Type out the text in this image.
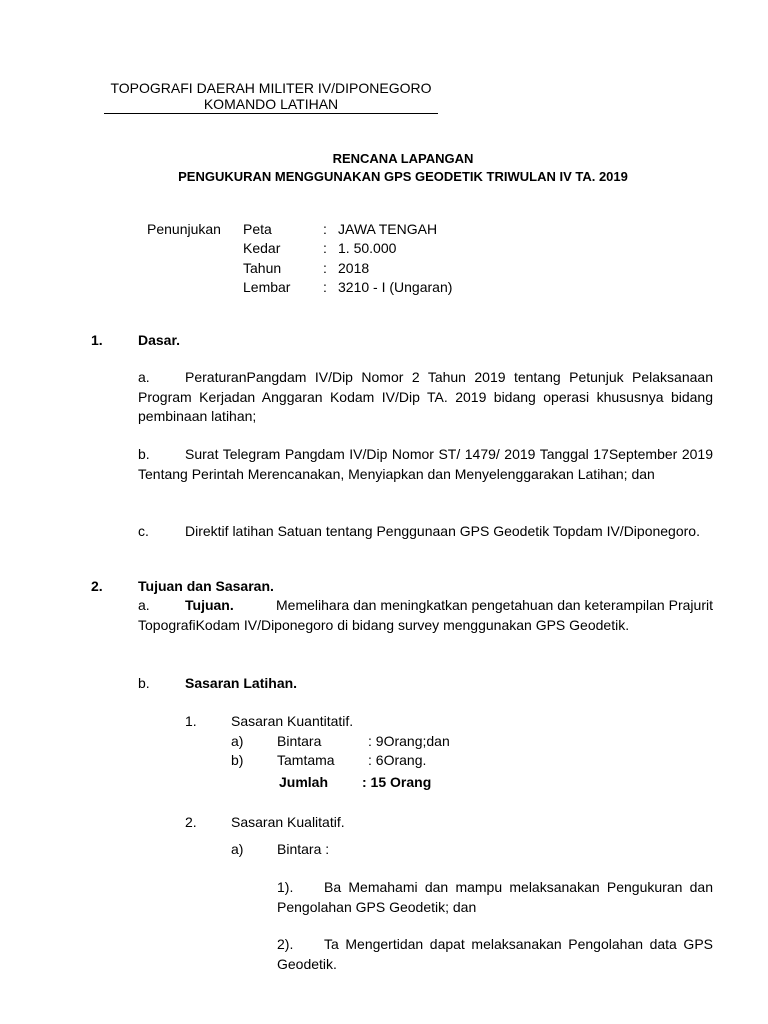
TOPOGRAFI DAERAH MILITER IV/DIPONEGORO
KOMANDO LATIHAN
RENCANA LAPANGAN
PENGUKURAN MENGGUNAKAN GPS GEODETIK TRIWULAN IV TA. 2019
Penunjukan Peta	: JAWA TENGAH
Kedar	: 1. 50.000
Tahun	: 2018
Lembar : 3210 - I (Ungaran)
1.	Dasar.
a.	PeraturanPangdam IV/Dip Nomor 2 Tahun 2019 tentang Petunjuk Pelaksanaan Program Kerjadan Anggaran Kodam IV/Dip TA. 2019 bidang operasi khususnya bidang pembinaan latihan;
b.	Surat Telegram Pangdam IV/Dip Nomor ST/ 1479/ 2019 Tanggal 17September 2019 Tentang Perintah Merencanakan, Menyiapkan dan Menyelenggarakan Latihan; dan
c.	Direktif latihan Satuan tentang Penggunaan GPS Geodetik Topdam IV/Diponegoro.
2.	Tujuan dan Sasaran.
a.	Tujuan.	Memelihara dan meningkatkan pengetahuan dan keterampilan Prajurit TopografiKodam IV/Diponegoro di bidang survey menggunakan GPS Geodetik.
b.	Sasaran Latihan.
1. Sasaran Kuantitatif.
a) Bintara	: 9Orang;dan
b) Tamtama : 6Orang.
Jumlah : 15 Orang
2. Sasaran Kualitatif.
a) Bintara :
1). Ba Memahami dan mampu melaksanakan Pengukuran dan Pengolahan GPS Geodetik; dan
2). Ta Mengertidan dapat melaksanakan Pengolahan data GPS Geodetik.
